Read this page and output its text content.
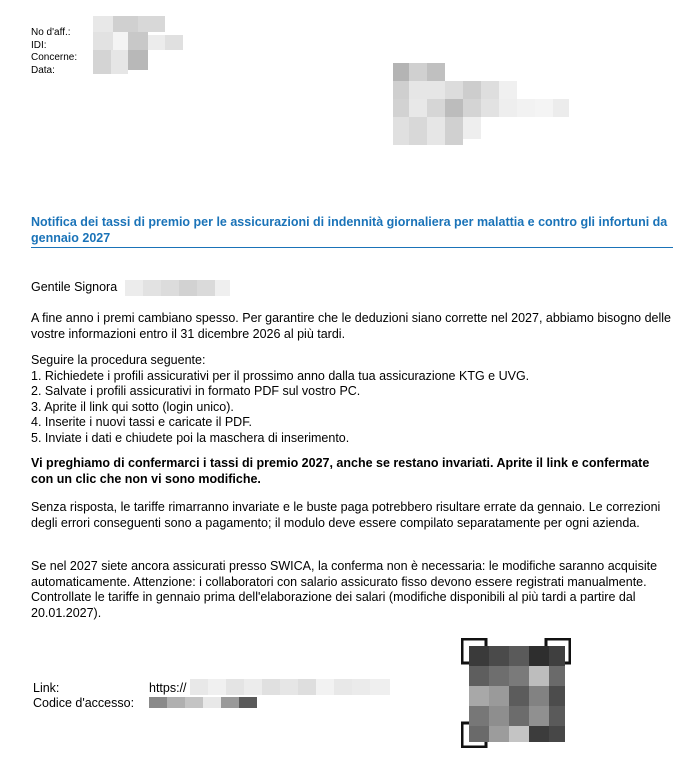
No d'aff.:
IDI:
Concerne:
Data:
Notifica dei tassi di premio per le assicurazioni di indennità giornaliera per malattia e contro gli infortuni da gennaio 2027
Gentile Signora
A fine anno i premi cambiano spesso. Per garantire che le deduzioni siano corrette nel 2027, abbiamo bisogno delle vostre informazioni entro il 31 dicembre 2026 al più tardi.
Seguire la procedura seguente:
1. Richiedete i profili assicurativi per il prossimo anno dalla tua assicurazione KTG e UVG.
2. Salvate i profili assicurativi in formato PDF sul vostro PC.
3. Aprite il link qui sotto (login unico).
4. Inserite i nuovi tassi e caricate il PDF.
5. Inviate i dati e chiudete poi la maschera di inserimento.
Vi preghiamo di confermarci i tassi di premio 2027, anche se restano invariati. Aprite il link e confermate con un clic che non vi sono modifiche.
Senza risposta, le tariffe rimarranno invariate e le buste paga potrebbero risultare errate da gennaio. Le correzioni degli errori conseguenti sono a pagamento; il modulo deve essere compilato separatamente per ogni azienda.
Se nel 2027 siete ancora assicurati presso SWICA, la conferma non è necessaria: le modifiche saranno acquisite automaticamente. Attenzione: i collaboratori con salario assicurato fisso devono essere registrati manualmente. Controllate le tariffe in gennaio prima dell'elaborazione dei salari (modifiche disponibili al più tardi a partire dal 20.01.2027).
Link:	https://
Codice d'accesso:
